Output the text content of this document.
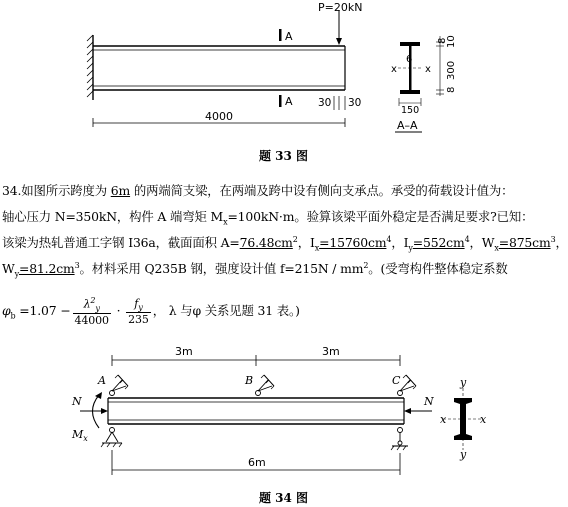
P=20kN
A
A
4000
30 30
6
x	x
150
10
300
8
8
A–A
3m	3m
A	B	C
N
$M_x$
N
6m
y
y
x	x
题 33 图
34.如图所示跨度为 6m 的两端简支梁，在两端及跨中设有侧向支承点。承受的荷载设计值为：
轴心压力 N=350kN，构件 A 端弯矩 $M_x=100kN\cdot m$。验算该梁平面外稳定是否满足要求?已知：
该梁为热轧普通工字钢 I36a，截面面积 $A=76.48cm^2$，$I_x=15760cm^4$，$I_y=552cm^4$，$W_x=875cm^3$，
$W_y=81.2cm^3$。材料采用 Q235B 钢，强度设计值 $f=215N / mm^2$。(受弯构件整体稳定系数
$\varphi_b =1.07 - \frac{\lambda^2_y}{44000} \cdot \frac{f_y}{235}$ ， λ 与φ 关系见题 31 表。)
题 34 图
